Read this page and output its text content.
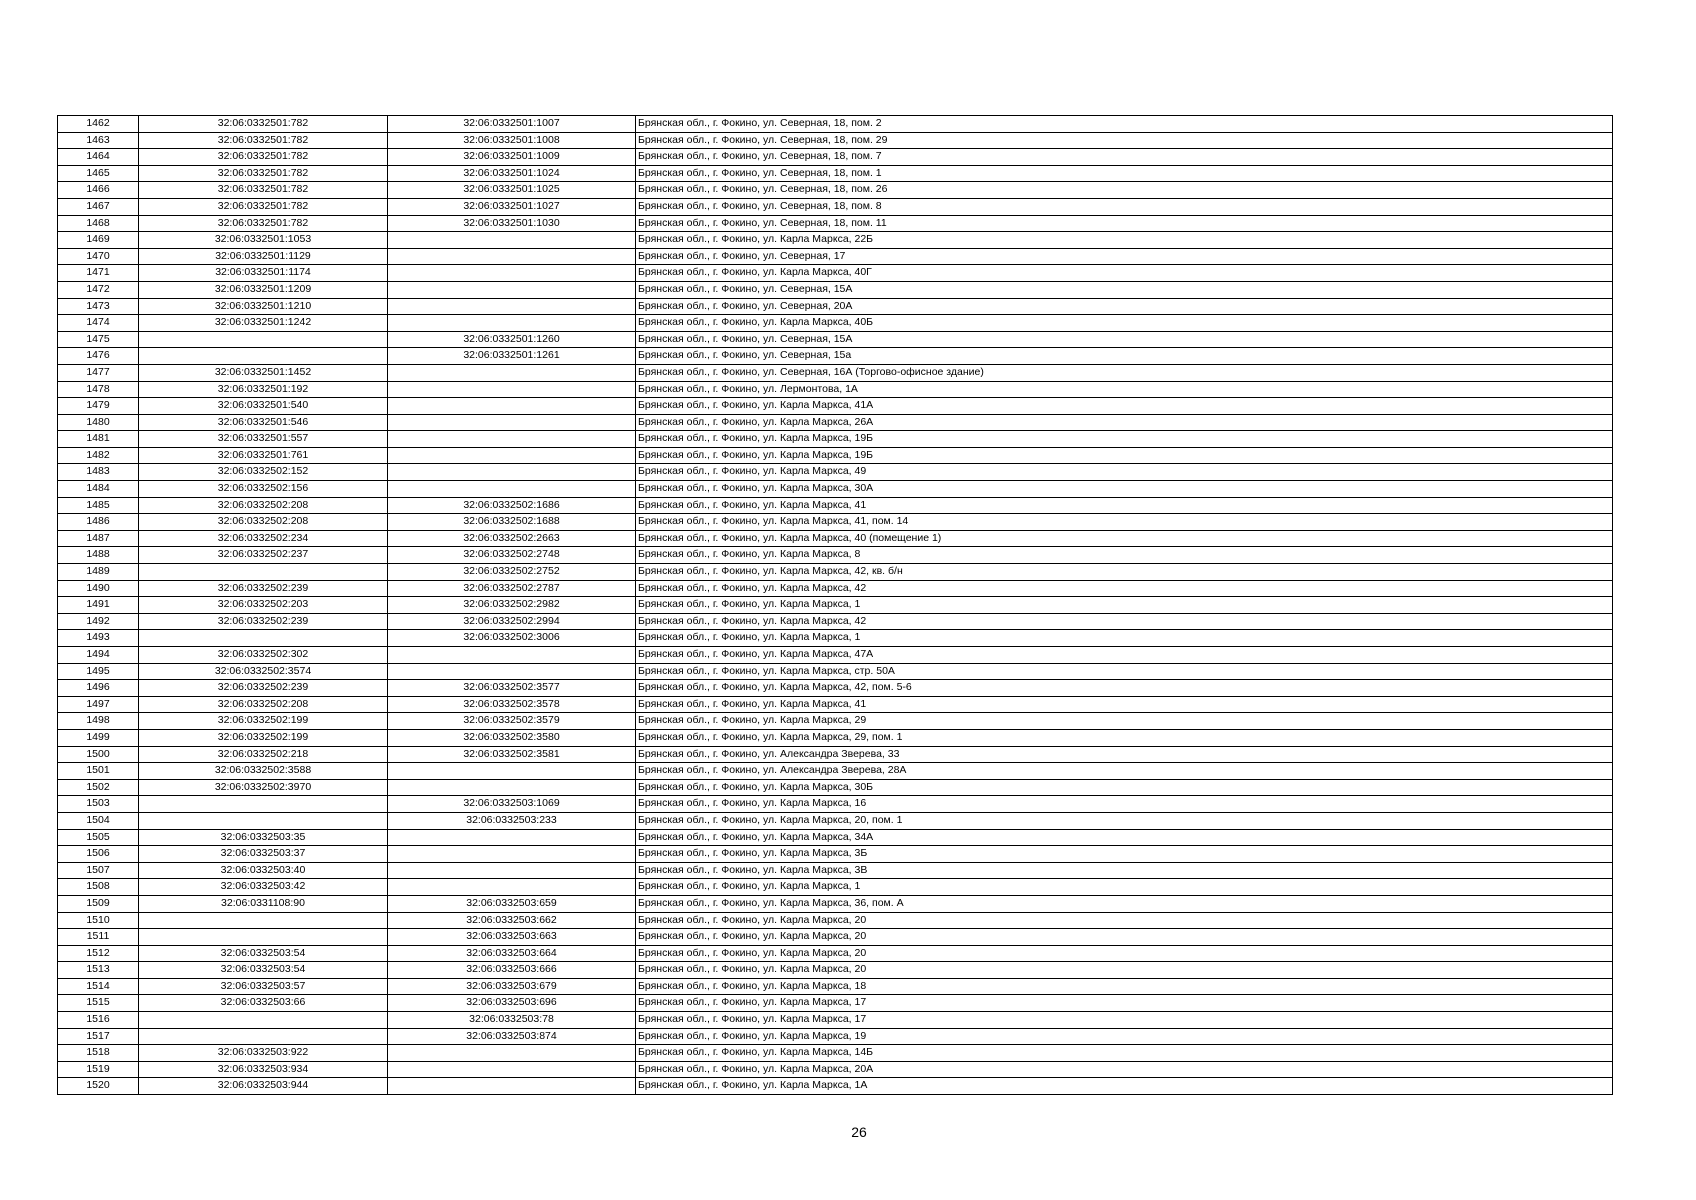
1462	32:06:0332501:782	32:06:0332501:1007	Брянская обл., г. Фокино, ул. Северная, 18, пом. 2
1463	32:06:0332501:782	32:06:0332501:1008	Брянская обл., г. Фокино, ул. Северная, 18, пом. 29
1464	32:06:0332501:782	32:06:0332501:1009	Брянская обл., г. Фокино, ул. Северная, 18, пом. 7
1465	32:06:0332501:782	32:06:0332501:1024	Брянская обл., г. Фокино, ул. Северная, 18, пом. 1
1466	32:06:0332501:782	32:06:0332501:1025	Брянская обл., г. Фокино, ул. Северная, 18, пом. 26
1467	32:06:0332501:782	32:06:0332501:1027	Брянская обл., г. Фокино, ул. Северная, 18, пом. 8
1468	32:06:0332501:782	32:06:0332501:1030	Брянская обл., г. Фокино, ул. Северная, 18, пом. 11
1469	32:06:0332501:1053		Брянская обл., г. Фокино, ул. Карла Маркса, 22Б
1470	32:06:0332501:1129		Брянская обл., г. Фокино, ул. Северная, 17
1471	32:06:0332501:1174		Брянская обл., г. Фокино, ул. Карла Маркса, 40Г
1472	32:06:0332501:1209		Брянская обл., г. Фокино, ул. Северная, 15А
1473	32:06:0332501:1210		Брянская обл., г. Фокино, ул. Северная, 20А
1474	32:06:0332501:1242		Брянская обл., г. Фокино, ул. Карла Маркса, 40Б
1475		32:06:0332501:1260	Брянская обл., г. Фокино, ул. Северная, 15А
1476		32:06:0332501:1261	Брянская обл., г. Фокино, ул. Северная, 15а
1477	32:06:0332501:1452		Брянская обл., г. Фокино, ул. Северная, 16А (Торгово-офисное здание)
1478	32:06:0332501:192		Брянская обл., г. Фокино, ул. Лермонтова, 1А
1479	32:06:0332501:540		Брянская обл., г. Фокино, ул. Карла Маркса, 41А
1480	32:06:0332501:546		Брянская обл., г. Фокино, ул. Карла Маркса, 26А
1481	32:06:0332501:557		Брянская обл., г. Фокино, ул. Карла Маркса, 19Б
1482	32:06:0332501:761		Брянская обл., г. Фокино, ул. Карла Маркса, 19Б
1483	32:06:0332502:152		Брянская обл., г. Фокино, ул. Карла Маркса, 49
1484	32:06:0332502:156		Брянская обл., г. Фокино, ул. Карла Маркса, 30А
1485	32:06:0332502:208	32:06:0332502:1686	Брянская обл., г. Фокино, ул. Карла Маркса, 41
1486	32:06:0332502:208	32:06:0332502:1688	Брянская обл., г. Фокино, ул. Карла Маркса, 41, пом. 14
1487	32:06:0332502:234	32:06:0332502:2663	Брянская обл., г. Фокино, ул. Карла Маркса, 40 (помещение 1)
1488	32:06:0332502:237	32:06:0332502:2748	Брянская обл., г. Фокино, ул. Карла Маркса, 8
1489		32:06:0332502:2752	Брянская обл., г. Фокино, ул. Карла Маркса, 42, кв. б/н
1490	32:06:0332502:239	32:06:0332502:2787	Брянская обл., г. Фокино, ул. Карла Маркса, 42
1491	32:06:0332502:203	32:06:0332502:2982	Брянская обл., г. Фокино, ул. Карла Маркса, 1
1492	32:06:0332502:239	32:06:0332502:2994	Брянская обл., г. Фокино, ул. Карла Маркса, 42
1493		32:06:0332502:3006	Брянская обл., г. Фокино, ул. Карла Маркса, 1
1494	32:06:0332502:302		Брянская обл., г. Фокино, ул. Карла Маркса, 47А
1495	32:06:0332502:3574		Брянская обл., г. Фокино, ул. Карла Маркса, стр. 50А
1496	32:06:0332502:239	32:06:0332502:3577	Брянская обл., г. Фокино, ул. Карла Маркса, 42, пом. 5-6
1497	32:06:0332502:208	32:06:0332502:3578	Брянская обл., г. Фокино, ул. Карла Маркса, 41
1498	32:06:0332502:199	32:06:0332502:3579	Брянская обл., г. Фокино, ул. Карла Маркса, 29
1499	32:06:0332502:199	32:06:0332502:3580	Брянская обл., г. Фокино, ул. Карла Маркса, 29, пом. 1
1500	32:06:0332502:218	32:06:0332502:3581	Брянская обл., г. Фокино, ул. Александра Зверева, 33
1501	32:06:0332502:3588		Брянская обл., г. Фокино, ул. Александра Зверева, 28А
1502	32:06:0332502:3970		Брянская обл., г. Фокино, ул. Карла Маркса, 30Б
1503		32:06:0332503:1069	Брянская обл., г. Фокино, ул. Карла Маркса, 16
1504		32:06:0332503:233	Брянская обл., г. Фокино, ул. Карла Маркса, 20, пом. 1
1505	32:06:0332503:35		Брянская обл., г. Фокино, ул. Карла Маркса, 34А
1506	32:06:0332503:37		Брянская обл., г. Фокино, ул. Карла Маркса, 3Б
1507	32:06:0332503:40		Брянская обл., г. Фокино, ул. Карла Маркса, 3В
1508	32:06:0332503:42		Брянская обл., г. Фокино, ул. Карла Маркса, 1
1509	32:06:0331108:90	32:06:0332503:659	Брянская обл., г. Фокино, ул. Карла Маркса, 36, пом. А
1510		32:06:0332503:662	Брянская обл., г. Фокино, ул. Карла Маркса, 20
1511		32:06:0332503:663	Брянская обл., г. Фокино, ул. Карла Маркса, 20
1512	32:06:0332503:54	32:06:0332503:664	Брянская обл., г. Фокино, ул. Карла Маркса, 20
1513	32:06:0332503:54	32:06:0332503:666	Брянская обл., г. Фокино, ул. Карла Маркса, 20
1514	32:06:0332503:57	32:06:0332503:679	Брянская обл., г. Фокино, ул. Карла Маркса, 18
1515	32:06:0332503:66	32:06:0332503:696	Брянская обл., г. Фокино, ул. Карла Маркса, 17
1516		32:06:0332503:78	Брянская обл., г. Фокино, ул. Карла Маркса, 17
1517		32:06:0332503:874	Брянская обл., г. Фокино, ул. Карла Маркса, 19
1518	32:06:0332503:922		Брянская обл., г. Фокино, ул. Карла Маркса, 14Б
1519	32:06:0332503:934		Брянская обл., г. Фокино, ул. Карла Маркса, 20А
1520	32:06:0332503:944		Брянская обл., г. Фокино, ул. Карла Маркса, 1А
26
